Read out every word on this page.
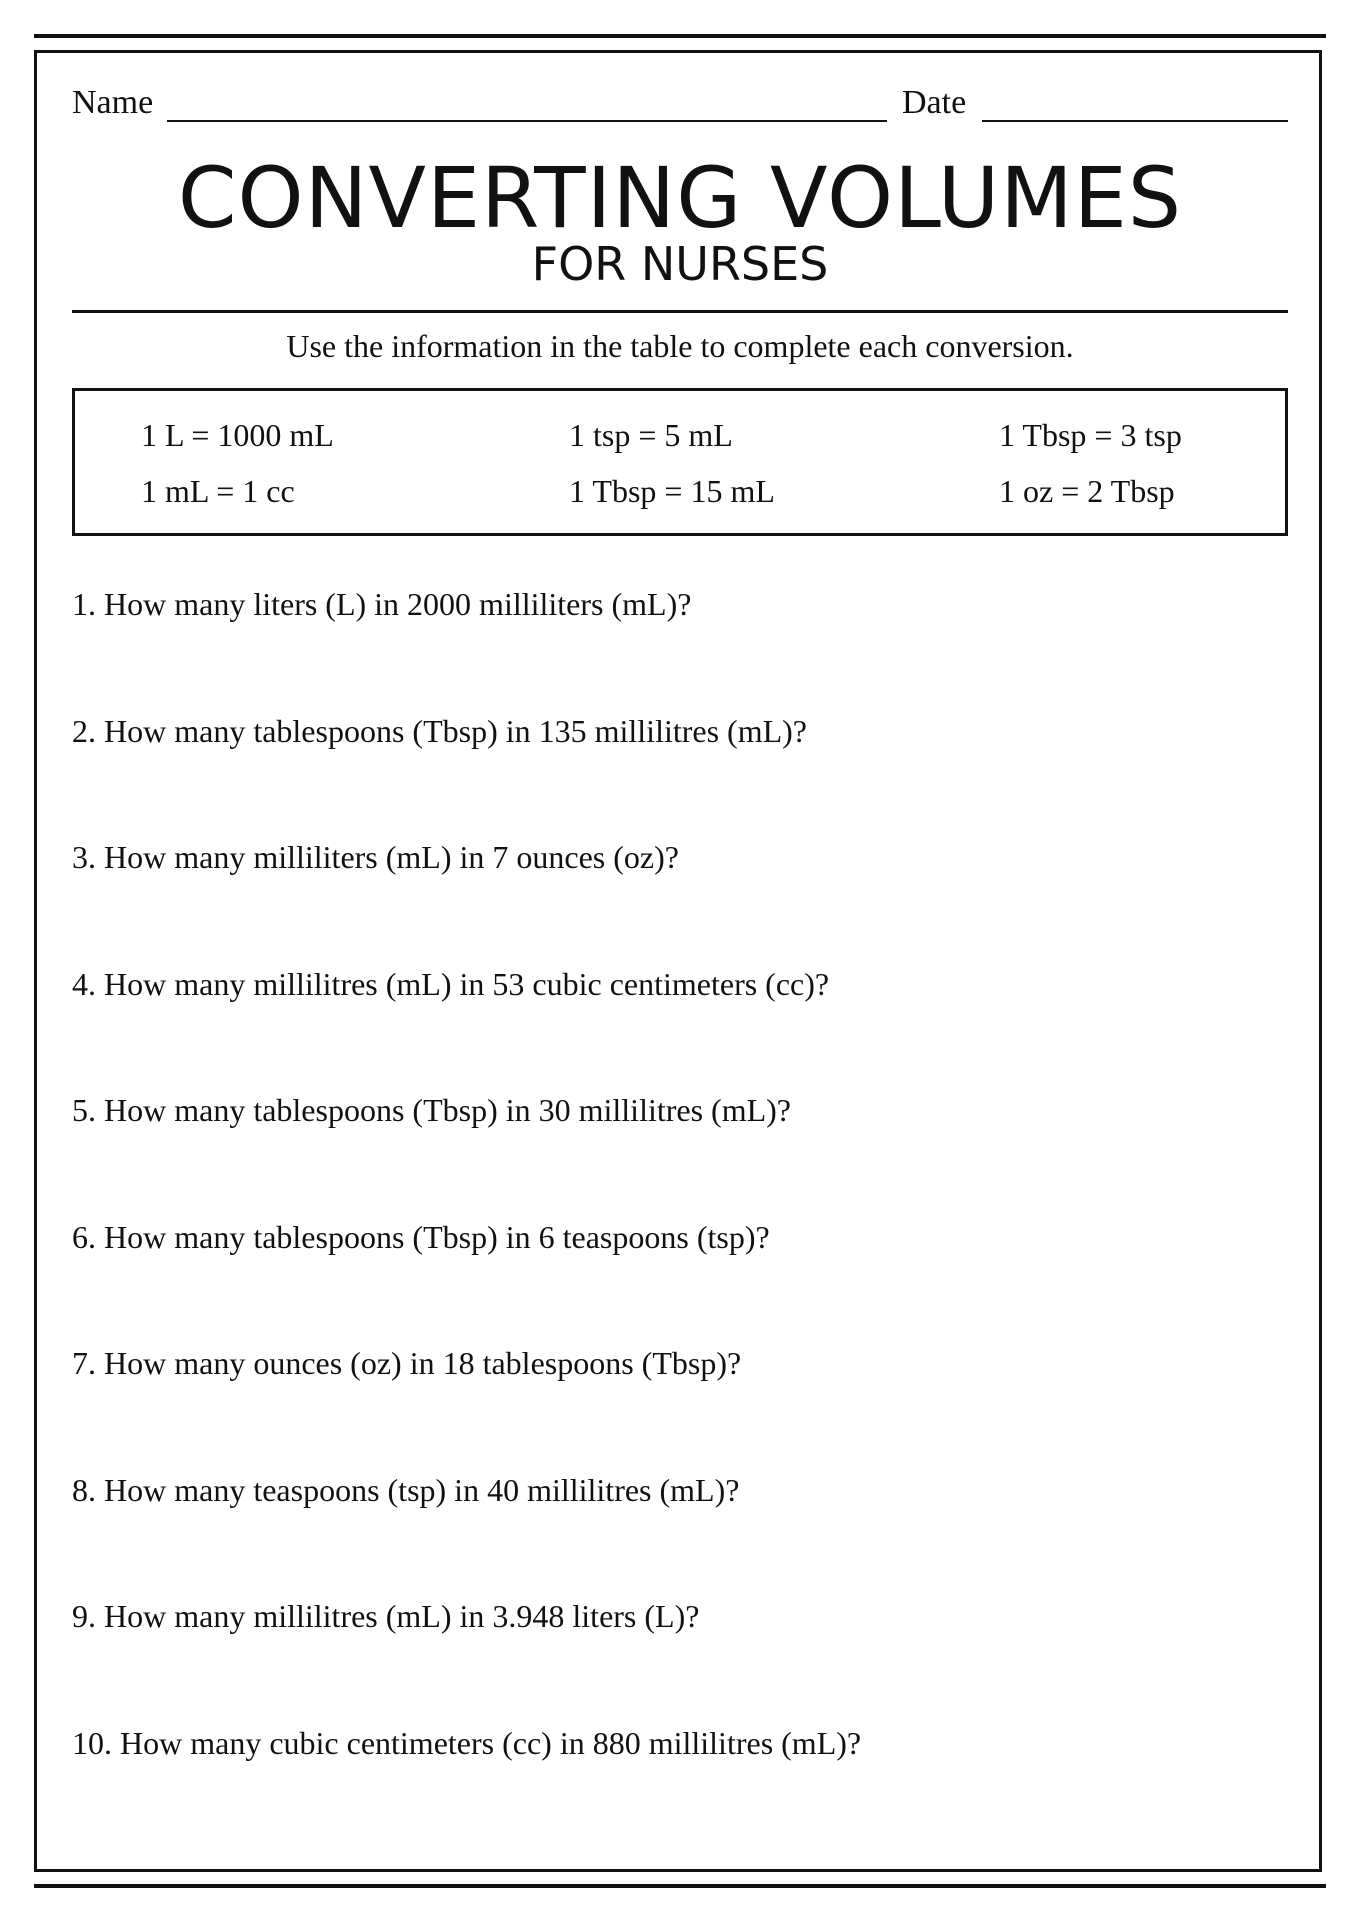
Name	Date
CONVERTING VOLUMES
FOR NURSES
Use the information in the table to complete each conversion.
1 L = 1000 mL	1 tsp = 5 mL	1 Tbsp = 3 tsp
1 mL = 1 cc	1 Tbsp = 15 mL	1 oz = 2 Tbsp
1. How many liters (L) in 2000 milliliters (mL)?
2. How many tablespoons (Tbsp) in 135 millilitres (mL)?
3. How many milliliters (mL) in 7 ounces (oz)?
4. How many millilitres (mL) in 53 cubic centimeters (cc)?
5. How many tablespoons (Tbsp) in 30 millilitres (mL)?
6. How many tablespoons (Tbsp) in 6 teaspoons (tsp)?
7. How many ounces (oz) in 18 tablespoons (Tbsp)?
8. How many teaspoons (tsp) in 40 millilitres (mL)?
9. How many millilitres (mL) in 3.948 liters (L)?
10. How many cubic centimeters (cc) in 880 millilitres (mL)?
